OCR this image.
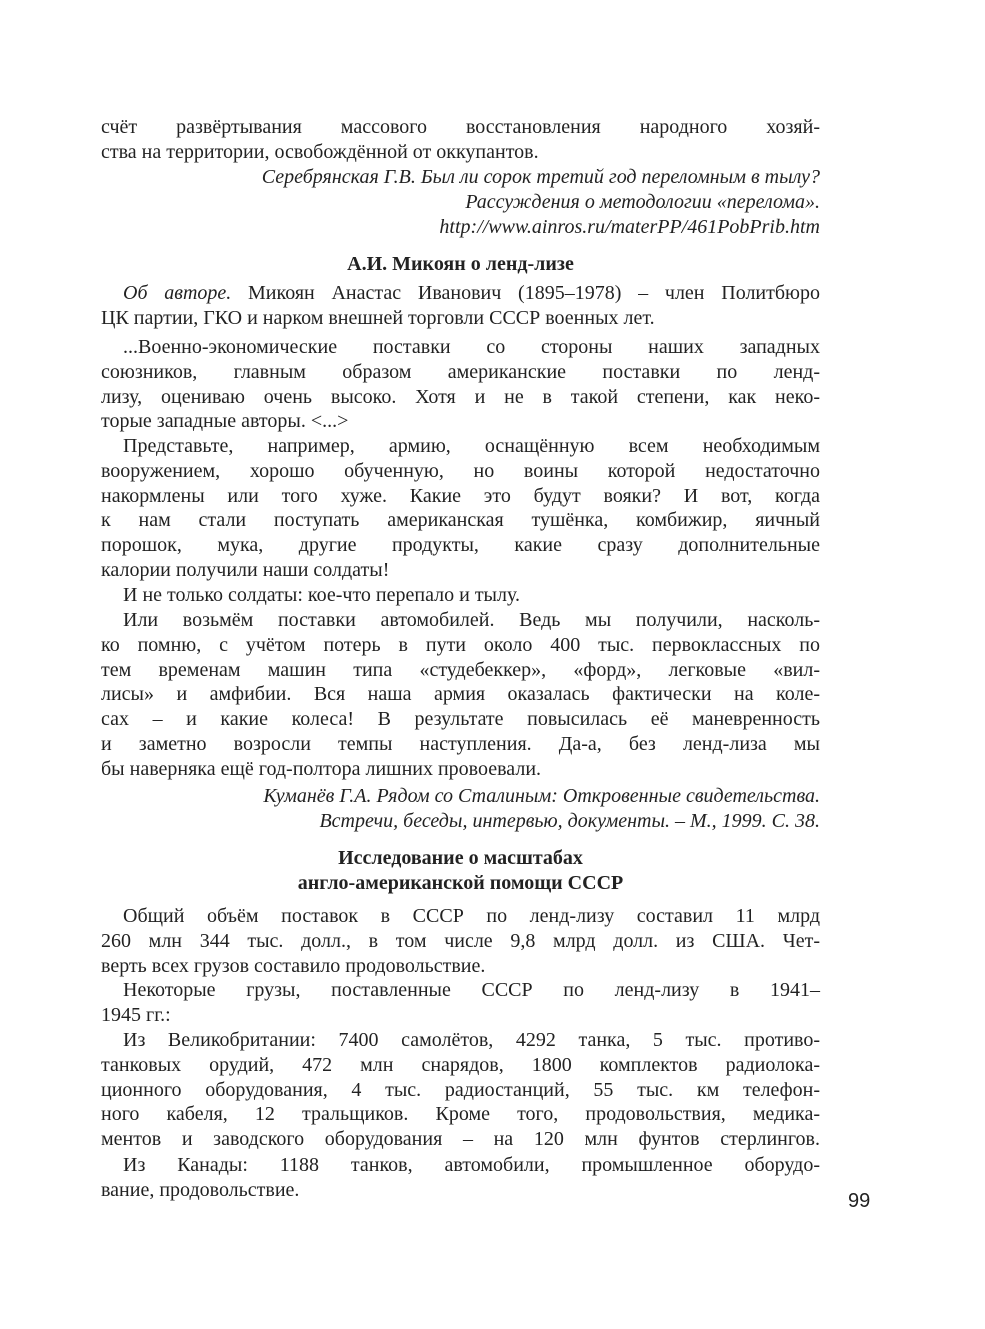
счёт развёртывания массового восстановления народного хозяй-
ства на территории, освобождённой от оккупантов.
Серебрянская Г.В. Был ли сорок третий год переломным в тылу?
Рассуждения о методологии «перелома».
http://www.ainros.ru/materPP/461PobPrib.htm
А.И. Микоян о ленд-лизе
Об авторе. Микоян Анастас Иванович (1895–1978) – член Политбюро
ЦК партии, ГКО и нарком внешней торговли СССР военных лет.
...Военно-экономические поставки со стороны наших западных
союзников, главным образом американские поставки по ленд-
лизу, оцениваю очень высоко. Хотя и не в такой степени, как неко-
торые западные авторы. <...>
Представьте, например, армию, оснащённую всем необходимым
вооружением, хорошо обученную, но воины которой недостаточно
накормлены или того хуже. Какие это будут вояки? И вот, когда
к нам стали поступать американская тушёнка, комбижир, яичный
порошок, мука, другие продукты, какие сразу дополнительные
калории получили наши солдаты!
И не только солдаты: кое-что перепало и тылу.
Или возьмём поставки автомобилей. Ведь мы получили, насколь-
ко помню, с учётом потерь в пути около 400 тыс. первоклассных по
тем временам машин типа «студебеккер», «форд», легковые «вил-
лисы» и амфибии. Вся наша армия оказалась фактически на коле-
сах – и какие колеса! В результате повысилась её маневренность
и заметно возросли темпы наступления. Да-а, без ленд-лиза мы
бы наверняка ещё год-полтора лишних провоевали.
Куманёв Г.А. Рядом со Сталиным: Откровенные свидетельства.
Встречи, беседы, интервью, документы. – М., 1999. С. 38.
Исследование о масштабах
англо-американской помощи СССР
Общий объём поставок в СССР по ленд-лизу составил 11 млрд
260 млн 344 тыс. долл., в том числе 9,8 млрд долл. из США. Чет-
верть всех грузов составило продовольствие.
Некоторые грузы, поставленные СССР по ленд-лизу в 1941–
1945 гг.:
Из Великобритании: 7400 самолётов, 4292 танка, 5 тыс. противо-
танковых орудий, 472 млн снарядов, 1800 комплектов радиолока-
ционного оборудования, 4 тыс. радиостанций, 55 тыс. км телефон-
ного кабеля, 12 тральщиков. Кроме того, продовольствия, медика-
ментов и заводского оборудования – на 120 млн фунтов стерлингов.
Из Канады: 1188 танков, автомобили, промышленное оборудо-
вание, продовольствие.
99
